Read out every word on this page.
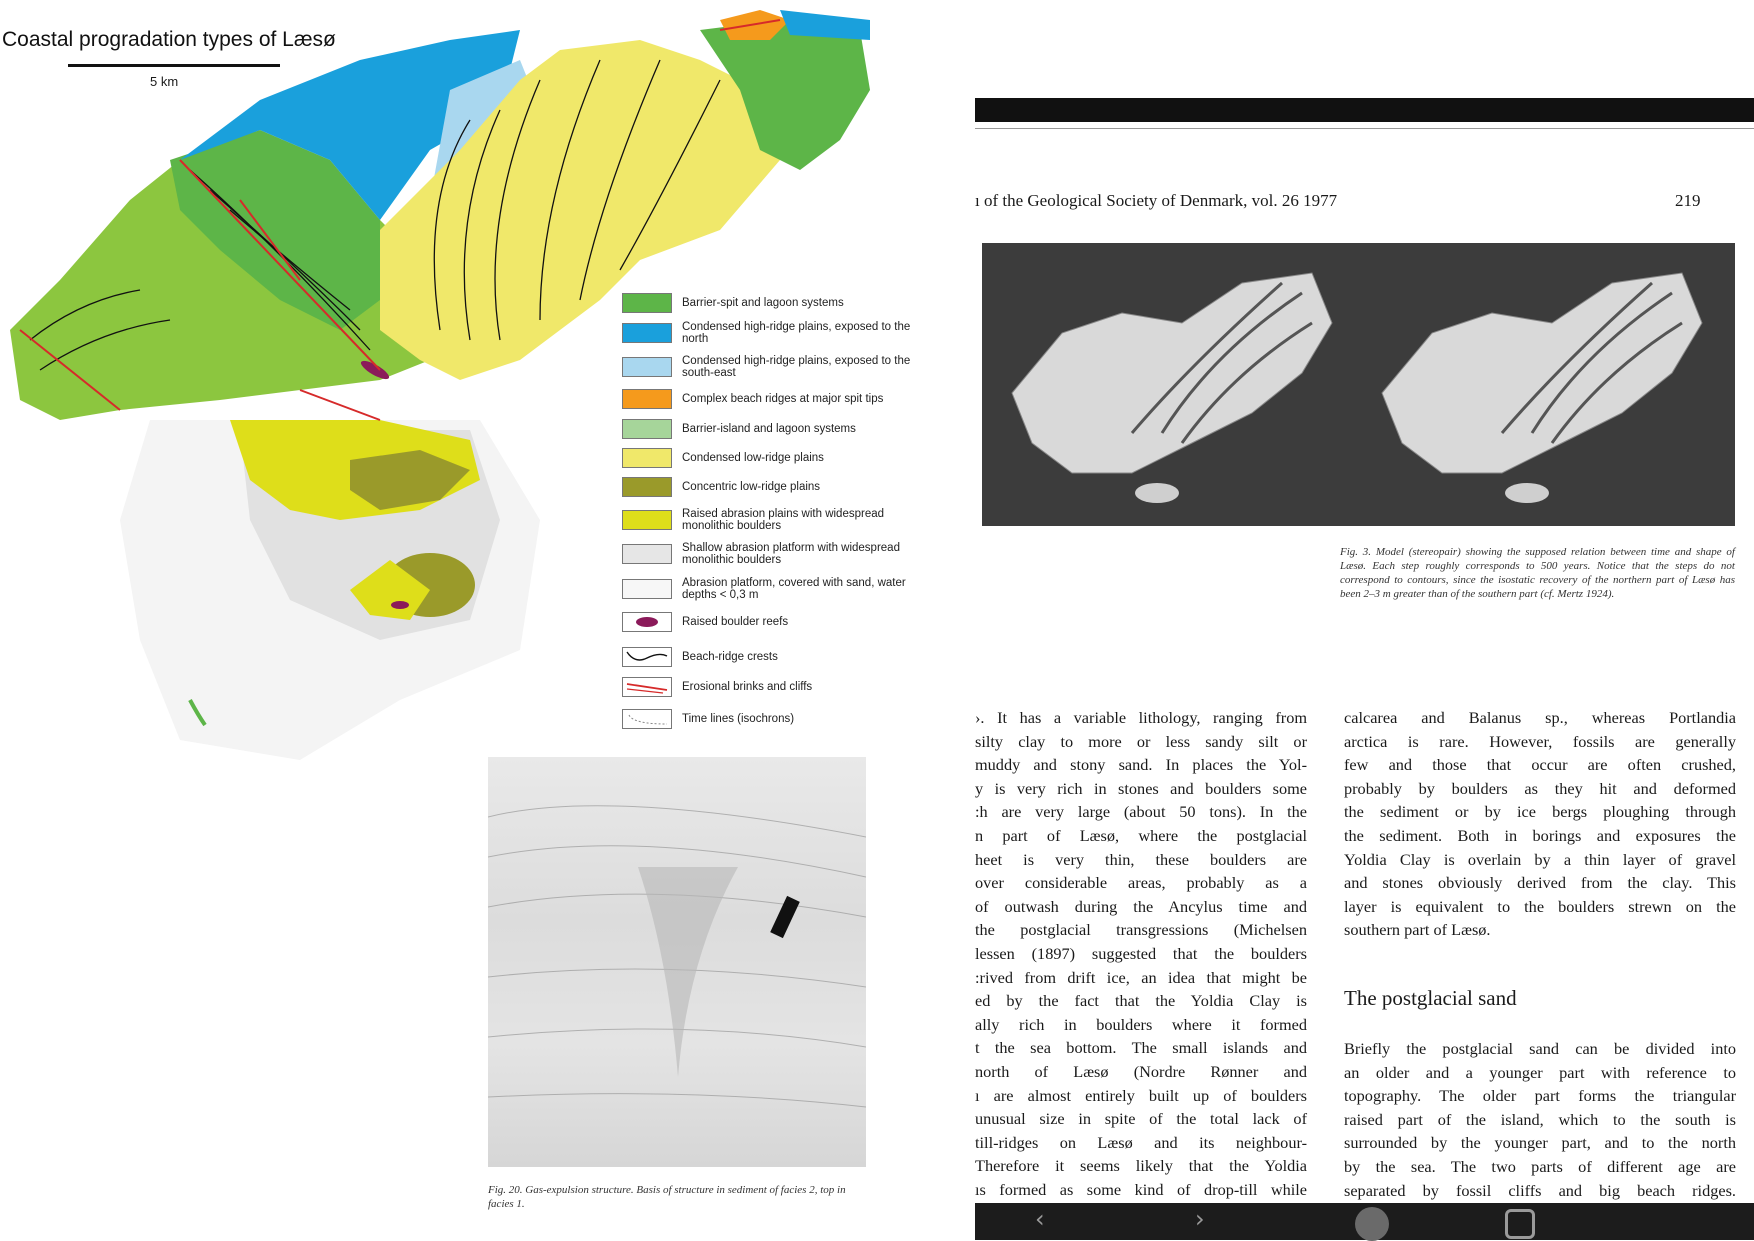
Coastal progradation types of Læsø
5 km
Barrier-spit and lagoon systems
Condensed high-ridge plains, exposed to the north
Condensed high-ridge plains, exposed to the south-east
Complex beach ridges at major spit tips
Barrier-island and lagoon systems
Condensed low-ridge plains
Concentric low-ridge plains
Raised abrasion plains with widespread monolithic boulders
Shallow abrasion platform with widespread monolithic boulders
Abrasion platform, covered with sand, water depths < 0,3 m
Raised boulder reefs
Beach-ridge crests
Erosional brinks and cliffs
Time lines (isochrons)
Fig. 20. Gas-expulsion structure. Basis of structure in sediment of facies 2, top in facies 1.
ı of the Geological Society of Denmark, vol. 26 1977	219
Fig. 3. Model (stereopair) showing the supposed relation between time and shape of Læsø. Each step roughly corresponds to 500 years. Notice that the steps do not correspond to contours, since the isostatic recovery of the northern part of Læsø has been 2–3 m greater than of the southern part (cf. Mertz 1924).
›. It has a variable lithology, ranging from
silty clay to more or less sandy silt or
muddy and stony sand. In places the Yol-
y is very rich in stones and boulders some
:h are very large (about 50 tons). In the
n part of Læsø, where the postglacial
heet is very thin, these boulders are
over considerable areas, probably as a
of outwash during the Ancylus time and
the postglacial transgressions (Michelsen
lessen (1897) suggested that the boulders
:rived from drift ice, an idea that might be
ed by the fact that the Yoldia Clay is
ally rich in boulders where it formed
t the sea bottom. The small islands and
north of Læsø (Nordre Rønner and
ı are almost entirely built up of boulders
unusual size in spite of the total lack of
till-ridges on Læsø and its neighbour-
Therefore it seems likely that the Yoldia
ıs formed as some kind of drop-till while
calcarea and Balanus sp., whereas Portlandia
arctica is rare. However, fossils are generally
few and those that occur are often crushed,
probably by boulders as they hit and deformed
the sediment or by ice bergs ploughing through
the sediment. Both in borings and exposures the
Yoldia Clay is overlain by a thin layer of gravel
and stones obviously derived from the clay. This
layer is equivalent to the boulders strewn on the
southern part of Læsø.
The postglacial sand
Briefly the postglacial sand can be divided into
an older and a younger part with reference to
topography. The older part forms the triangular
raised part of the island, which to the south is
surrounded by the younger part, and to the north
by the sea. The two parts of different age are
separated by fossil cliffs and big beach ridges.
‹	›
